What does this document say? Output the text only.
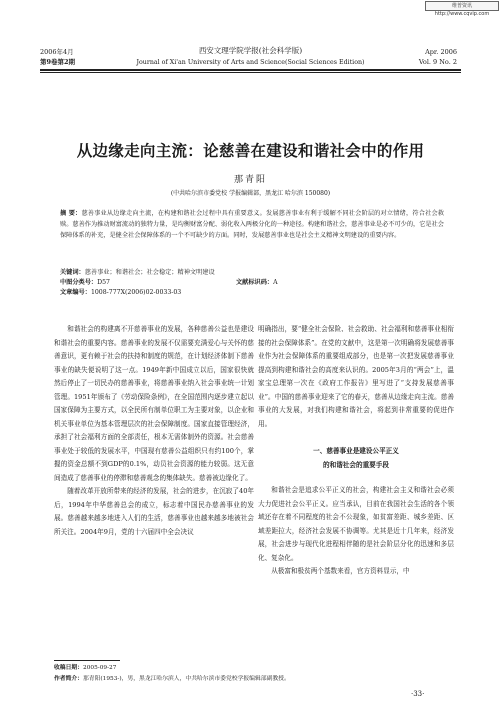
维普资讯 http://www.cqvip.com
2006年4月
第9卷第2期
西安文理学院学报(社会科学版)
Journal of Xi'an University of Arts and Science(Social Sciences Edition)
Apr. 2006
Vol. 9 No. 2
从边缘走向主流：论慈善在建设和谐社会中的作用
那青阳
(中共哈尔滨市委党校 学报编辑部，黑龙江 哈尔滨 150080)
摘 要：慈善事业从边缘走向主流，在构建和谐社会过程中具有重要意义。发展慈善事业有利于缓解不同社会阶层的对立情绪，符合社会救赎。慈善作为推动财富流动的独特力量，是均衡财富分配、弱化收入两极分化的一种途径。构建和谐社会，慈善事业是必不可少的，它是社会保障体系的补充，是健全社会保障体系的一个不可缺少的方面。同时，发展慈善事业也是社会主义精神文明建设的重要内容。
关键词：慈善事业；和谐社会；社会稳定；精神文明建设
中图分类号：D57	文献标识码：A
文章编号：1008-777X(2006)02-0033-03

和谐社会的构建离不开慈善事业的发展，各种慈善公益也是建设和谐社会的重要内容。慈善事业的发展不仅需要充满爱心与关怀的慈善意识，更有赖于社会的扶持和制度的规范，在计划经济体制下慈善事业的缺失便说明了这一点。1949年新中国成立以后，国家很快就然后停止了一切民办的慈善事业，将慈善事业纳入社会事业统一计划管理。1951年颁布了《劳动保险条例》，在全国范围内逐步建立起以国家保障为主要方式，以全民所有制单位职工为主要对象，以企业和机关事业单位为基本管理层次的社会保障制度。国家直接管理经济，承担了社会福利方面的全部责任，根本无需体制外的资源。社会慈善事业处于较低的发展水平，中国现有慈善公益组织只有约100个，掌握的资金总额不到GDP的0.1%，动员社会资源的能力较弱。这无意间造成了慈善事业的停滞和慈善观念的集体缺失。慈善被边缘化了。

随着改革开放所带来的经济的发展，社会的进步，在沉寂了40年后，1994年中华慈善总会的成立，标志着中国民办慈善事业的发展。慈善越来越多地进入人们的生活，慈善事业也越来越多地被社会所关注。2004年9月，党的十六届四中全会决议

明确指出，要“健全社会保险、社会救助、社会福利和慈善事业相衔接的社会保障体系”。在党的文献中，这是第一次明确将发展慈善事业作为社会保障体系的重要组成部分，也是第一次把发展慈善事业提高到构建和谐社会的高度来认识的。2005年3月的“两会”上，温家宝总理第一次在《政府工作报告》里写进了“支持发展慈善事业”。中国的慈善事业迎来了它的春天，慈善从边缘走向主流。慈善事业的大发展，对我们构建和谐社会，将起到非常重要的促进作用。

一、慈善事业是建设公平正义

的和谐社会的重要手段

和谐社会是追求公平正义的社会，构建社会主义和谐社会必须大力促进社会公平正义。应当承认，目前在我国社会生活的各个领域还存在着不同程度的社会不公现象，如贫富差距、城乡差距、区域差距拉大，经济社会发展不协调等。尤其是近十几年来，经济发展，社会进步与现代化进程相伴随的是社会阶层分化的迅速和多层化、复杂化。

从极富和极贫两个基数来看，官方资料显示，中

收稿日期：2005-09-27
作者简介：那青阳(1953-)，男，黑龙江哈尔滨人，中共哈尔滨市委党校学报编辑部副教授。
·33·
